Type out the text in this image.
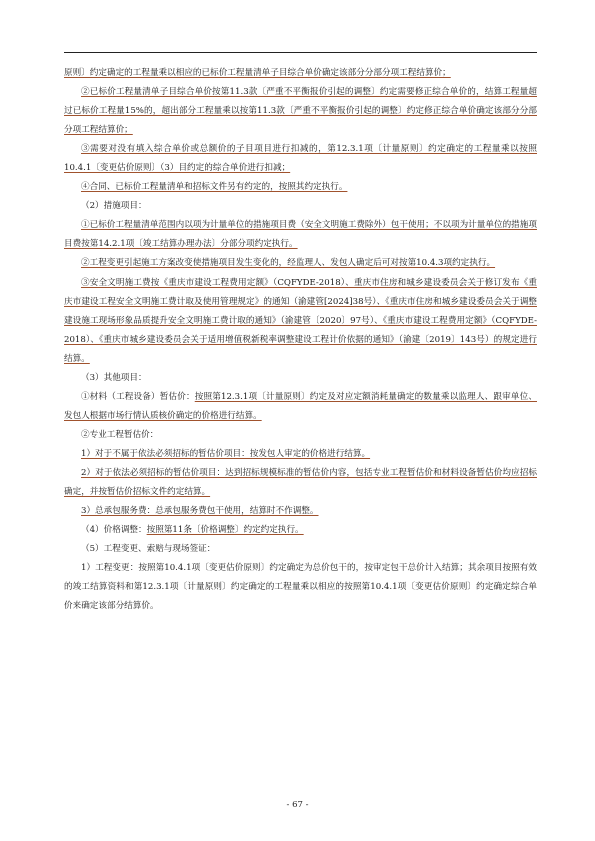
原则〕约定确定的工程量乘以相应的已标价工程量清单子目综合单价确定该部分分部分项工程结算价；

②已标价工程量清单子目综合单价按第11.3款〔严重不平衡报价引起的调整〕约定需要修正综合单价的，结算工程量超过已标价工程量15%的，超出部分工程量乘以按第11.3款〔严重不平衡报价引起的调整〕约定修正综合单价确定该部分分部分项工程结算价；

③需要对没有填入综合单价或总额价的子目项目进行扣减的，第12.3.1项〔计量原则〕约定确定的工程量乘以按照10.4.1〔变更估价原则〕（3）目约定的综合单价进行扣减；

④合同、已标价工程量清单和招标文件另有约定的，按照其约定执行。

（2）措施项目：

①已标价工程量清单范围内以项为计量单位的措施项目费（安全文明施工费除外）包干使用；不以项为计量单位的措施项目费按第14.2.1项〔竣工结算办理办法〕分部分项约定执行。

②工程变更引起施工方案改变使措施项目发生变化的，经监理人、发包人确定后可对按第10.4.3项约定执行。

③安全文明施工费按《重庆市建设工程费用定额》（CQFYDE-2018）、重庆市住房和城乡建设委员会关于修订发布《重庆市建设工程安全文明施工费计取及使用管理规定》的通知（渝建管[2024]38号）、《重庆市住房和城乡建设委员会关于调整建设施工现场形象品质提升安全文明施工费计取的通知》（渝建管〔2020〕97号）、《重庆市建设工程费用定额》（CQFYDE-2018）、《重庆市城乡建设委员会关于适用增值税新税率调整建设工程计价依据的通知》（渝建〔2019〕143号）的规定进行结算。

（3）其他项目：

①材料（工程设备）暂估价：按照第12.3.1项〔计量原则〕约定及对应定额消耗量确定的数量乘以监理人、跟审单位、发包人根据市场行情认质核价确定的价格进行结算。

②专业工程暂估价：

1）对于不属于依法必须招标的暂估价项目：按发包人审定的价格进行结算。

2）对于依法必须招标的暂估价项目：达到招标规模标准的暂估价内容，包括专业工程暂估价和材料设备暂估价均应招标确定，并按暂估价招标文件约定结算。

3）总承包服务费：总承包服务费包干使用，结算时不作调整。

（4）价格调整：按照第11条〔价格调整〕约定约定执行。

（5）工程变更、索赔与现场签证：

1）工程变更：按照第10.4.1项〔变更估价原则〕约定确定为总价包干的，按审定包干总价计入结算；其余项目按照有效的竣工结算资料和第12.3.1项〔计量原则〕约定确定的工程量乘以相应的按照第10.4.1项〔变更估价原则〕约定确定综合单价来确定该部分结算价。

- 67 -
